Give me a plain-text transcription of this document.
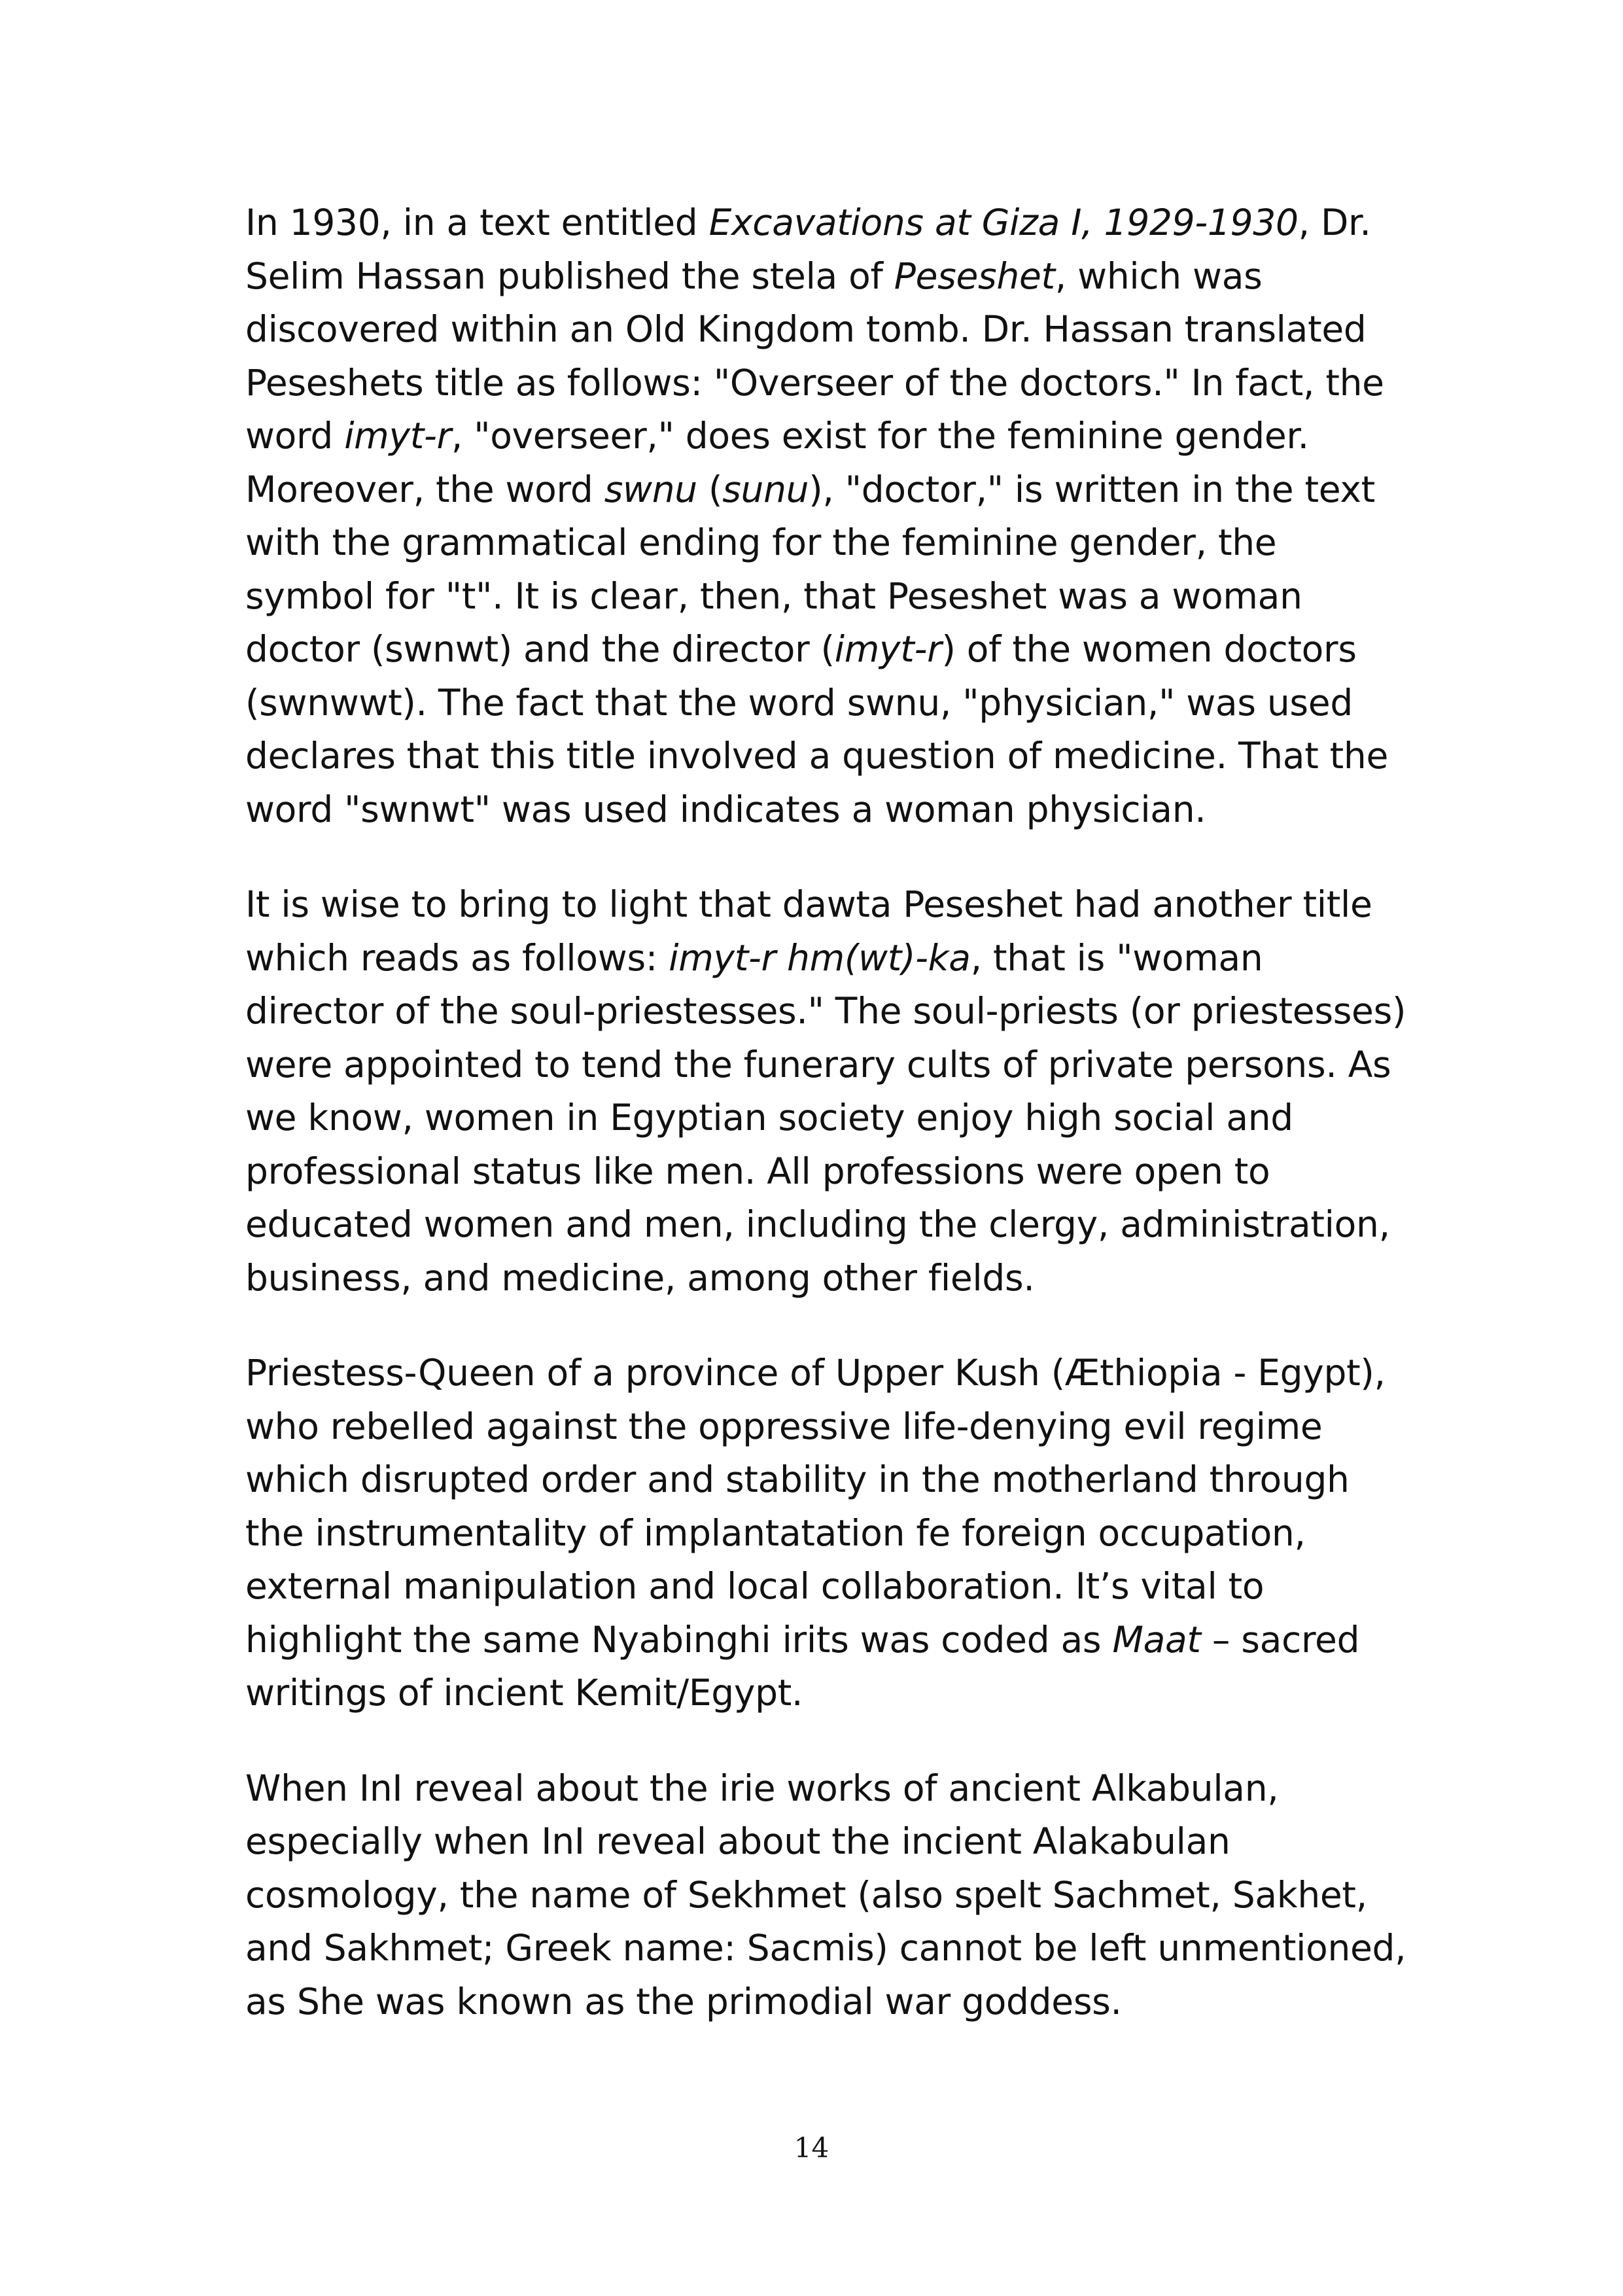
In 1930, in a text entitled Excavations at Giza I, 1929-1930, Dr. Selim Hassan published the stela of Peseshet, which was discovered within an Old Kingdom tomb. Dr. Hassan translated Peseshets title as follows: "Overseer of the doctors." In fact, the word imyt-r, "overseer," does exist for the feminine gender. Moreover, the word swnu (sunu), "doctor," is written in the text with the grammatical ending for the feminine gender, the symbol for "t". It is clear, then, that Peseshet was a woman doctor (swnwt) and the director (imyt-r) of the women doctors (swnwwt). The fact that the word swnu, "physician," was used declares that this title involved a question of medicine. That the word "swnwt" was used indicates a woman physician.

It is wise to bring to light that dawta Peseshet had another title which reads as follows: imyt-r hm(wt)-ka, that is "woman director of the soul-priestesses." The soul-priests (or priestesses) were appointed to tend the funerary cults of private persons. As we know, women in Egyptian society enjoy high social and professional status like men. All professions were open to educated women and men, including the clergy, administration, business, and medicine, among other fields.

Priestess-Queen of a province of Upper Kush (Æthiopia - Egypt), who rebelled against the oppressive life-denying evil regime which disrupted order and stability in the motherland through the instrumentality of implantatation fe foreign occupation, external manipulation and local collaboration. It’s vital to highlight the same Nyabinghi irits was coded as Maat – sacred writings of incient Kemit/Egypt.

When InI reveal about the irie works of ancient Alkabulan, especially when InI reveal about the incient Alakabulan cosmology, the name of Sekhmet (also spelt Sachmet, Sakhet, and Sakhmet; Greek name: Sacmis) cannot be left unmentioned, as She was known as the primodial war goddess.

14
